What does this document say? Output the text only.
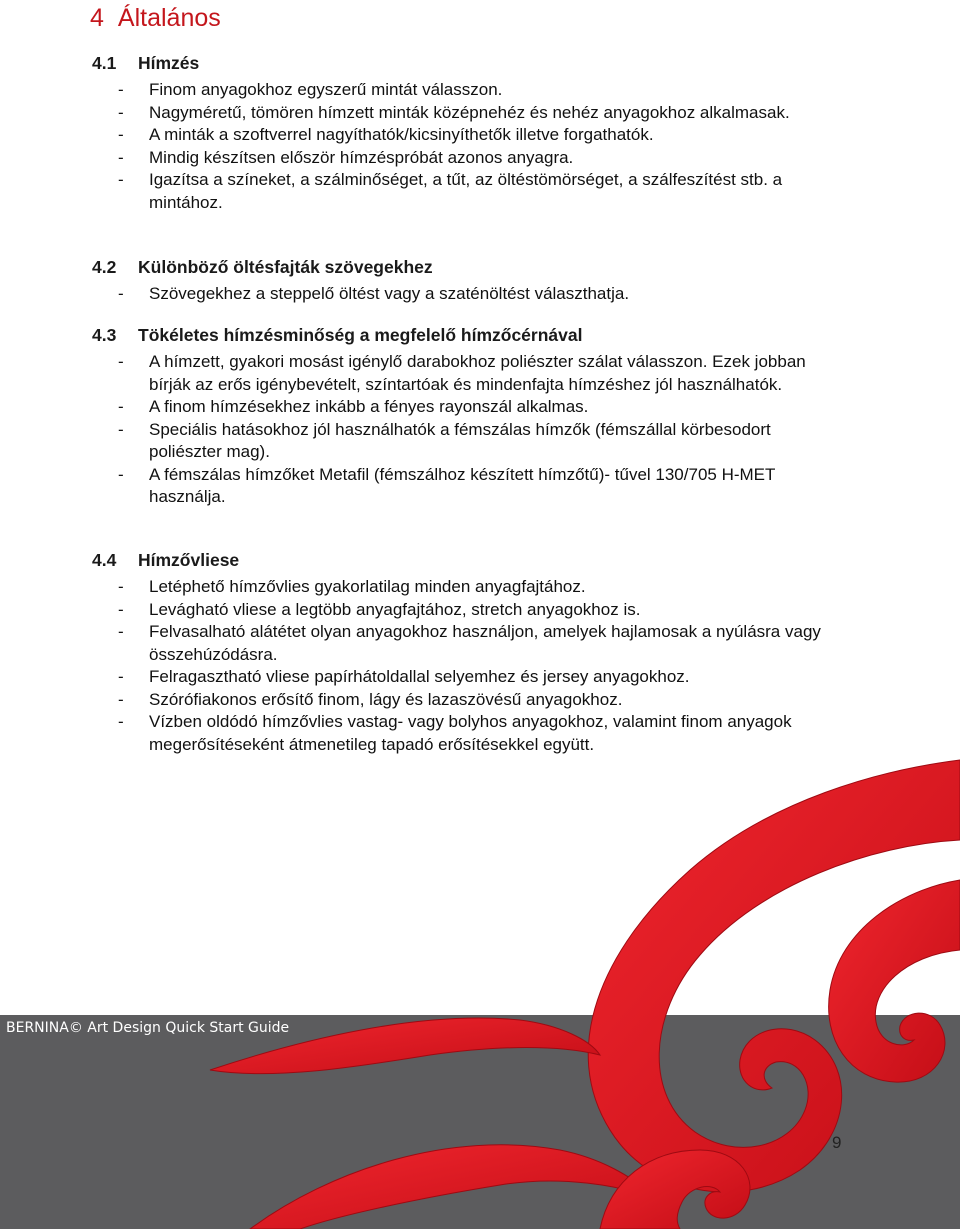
4 Általános
4.1 Hímzés
- Finom anyagokhoz egyszerű mintát válasszon.
- Nagyméretű, tömören hímzett minták középnehéz és nehéz anyagokhoz alkalmasak.
- A minták a szoftverrel nagyíthatók/kicsinyíthetők illetve forgathatók.
- Mindig készítsen először hímzéspróbát azonos anyagra.
- Igazítsa a színeket, a szálminőséget, a tűt, az öltéstömörséget, a szálfeszítést stb. a mintához.
4.2 Különböző öltésfajták szövegekhez
- Szövegekhez a steppelő öltést vagy a szaténöltést választhatja.
4.3 Tökéletes hímzésminőség a megfelelő hímzőcérnával
- A hímzett, gyakori mosást igénylő darabokhoz poliészter szálat válasszon. Ezek jobban bírják az erős igénybevételt, színtartóak és mindenfajta hímzéshez jól használhatók.
- A finom hímzésekhez inkább a fényes rayonszál alkalmas.
- Speciális hatásokhoz jól használhatók a fémszálas hímzők (fémszállal körbesodort poliészter mag).
- A fémszálas hímzőket Metafil (fémszálhoz készített hímzőtű)- tűvel 130/705 H-MET használja.
4.4 Hímzővliese
- Letéphető hímzővlies gyakorlatilag minden anyagfajtához.
- Levágható vliese a legtöbb anyagfajtához, stretch anyagokhoz is.
- Felvasalható alátétet olyan anyagokhoz használjon, amelyek hajlamosak a nyúlásra vagy összehúzódásra.
- Felragasztható vliese papírhátoldallal selyemhez és jersey anyagokhoz.
- Szórófiakonos erősítő finom, lágy és lazaszövésű anyagokhoz.
- Vízben oldódó hímzővlies vastag- vagy bolyhos anyagokhoz, valamint finom anyagok megerősítéseként átmenetileg tapadó erősítésekkel együtt.
BERNINA© Art Design Quick Start Guide
9
